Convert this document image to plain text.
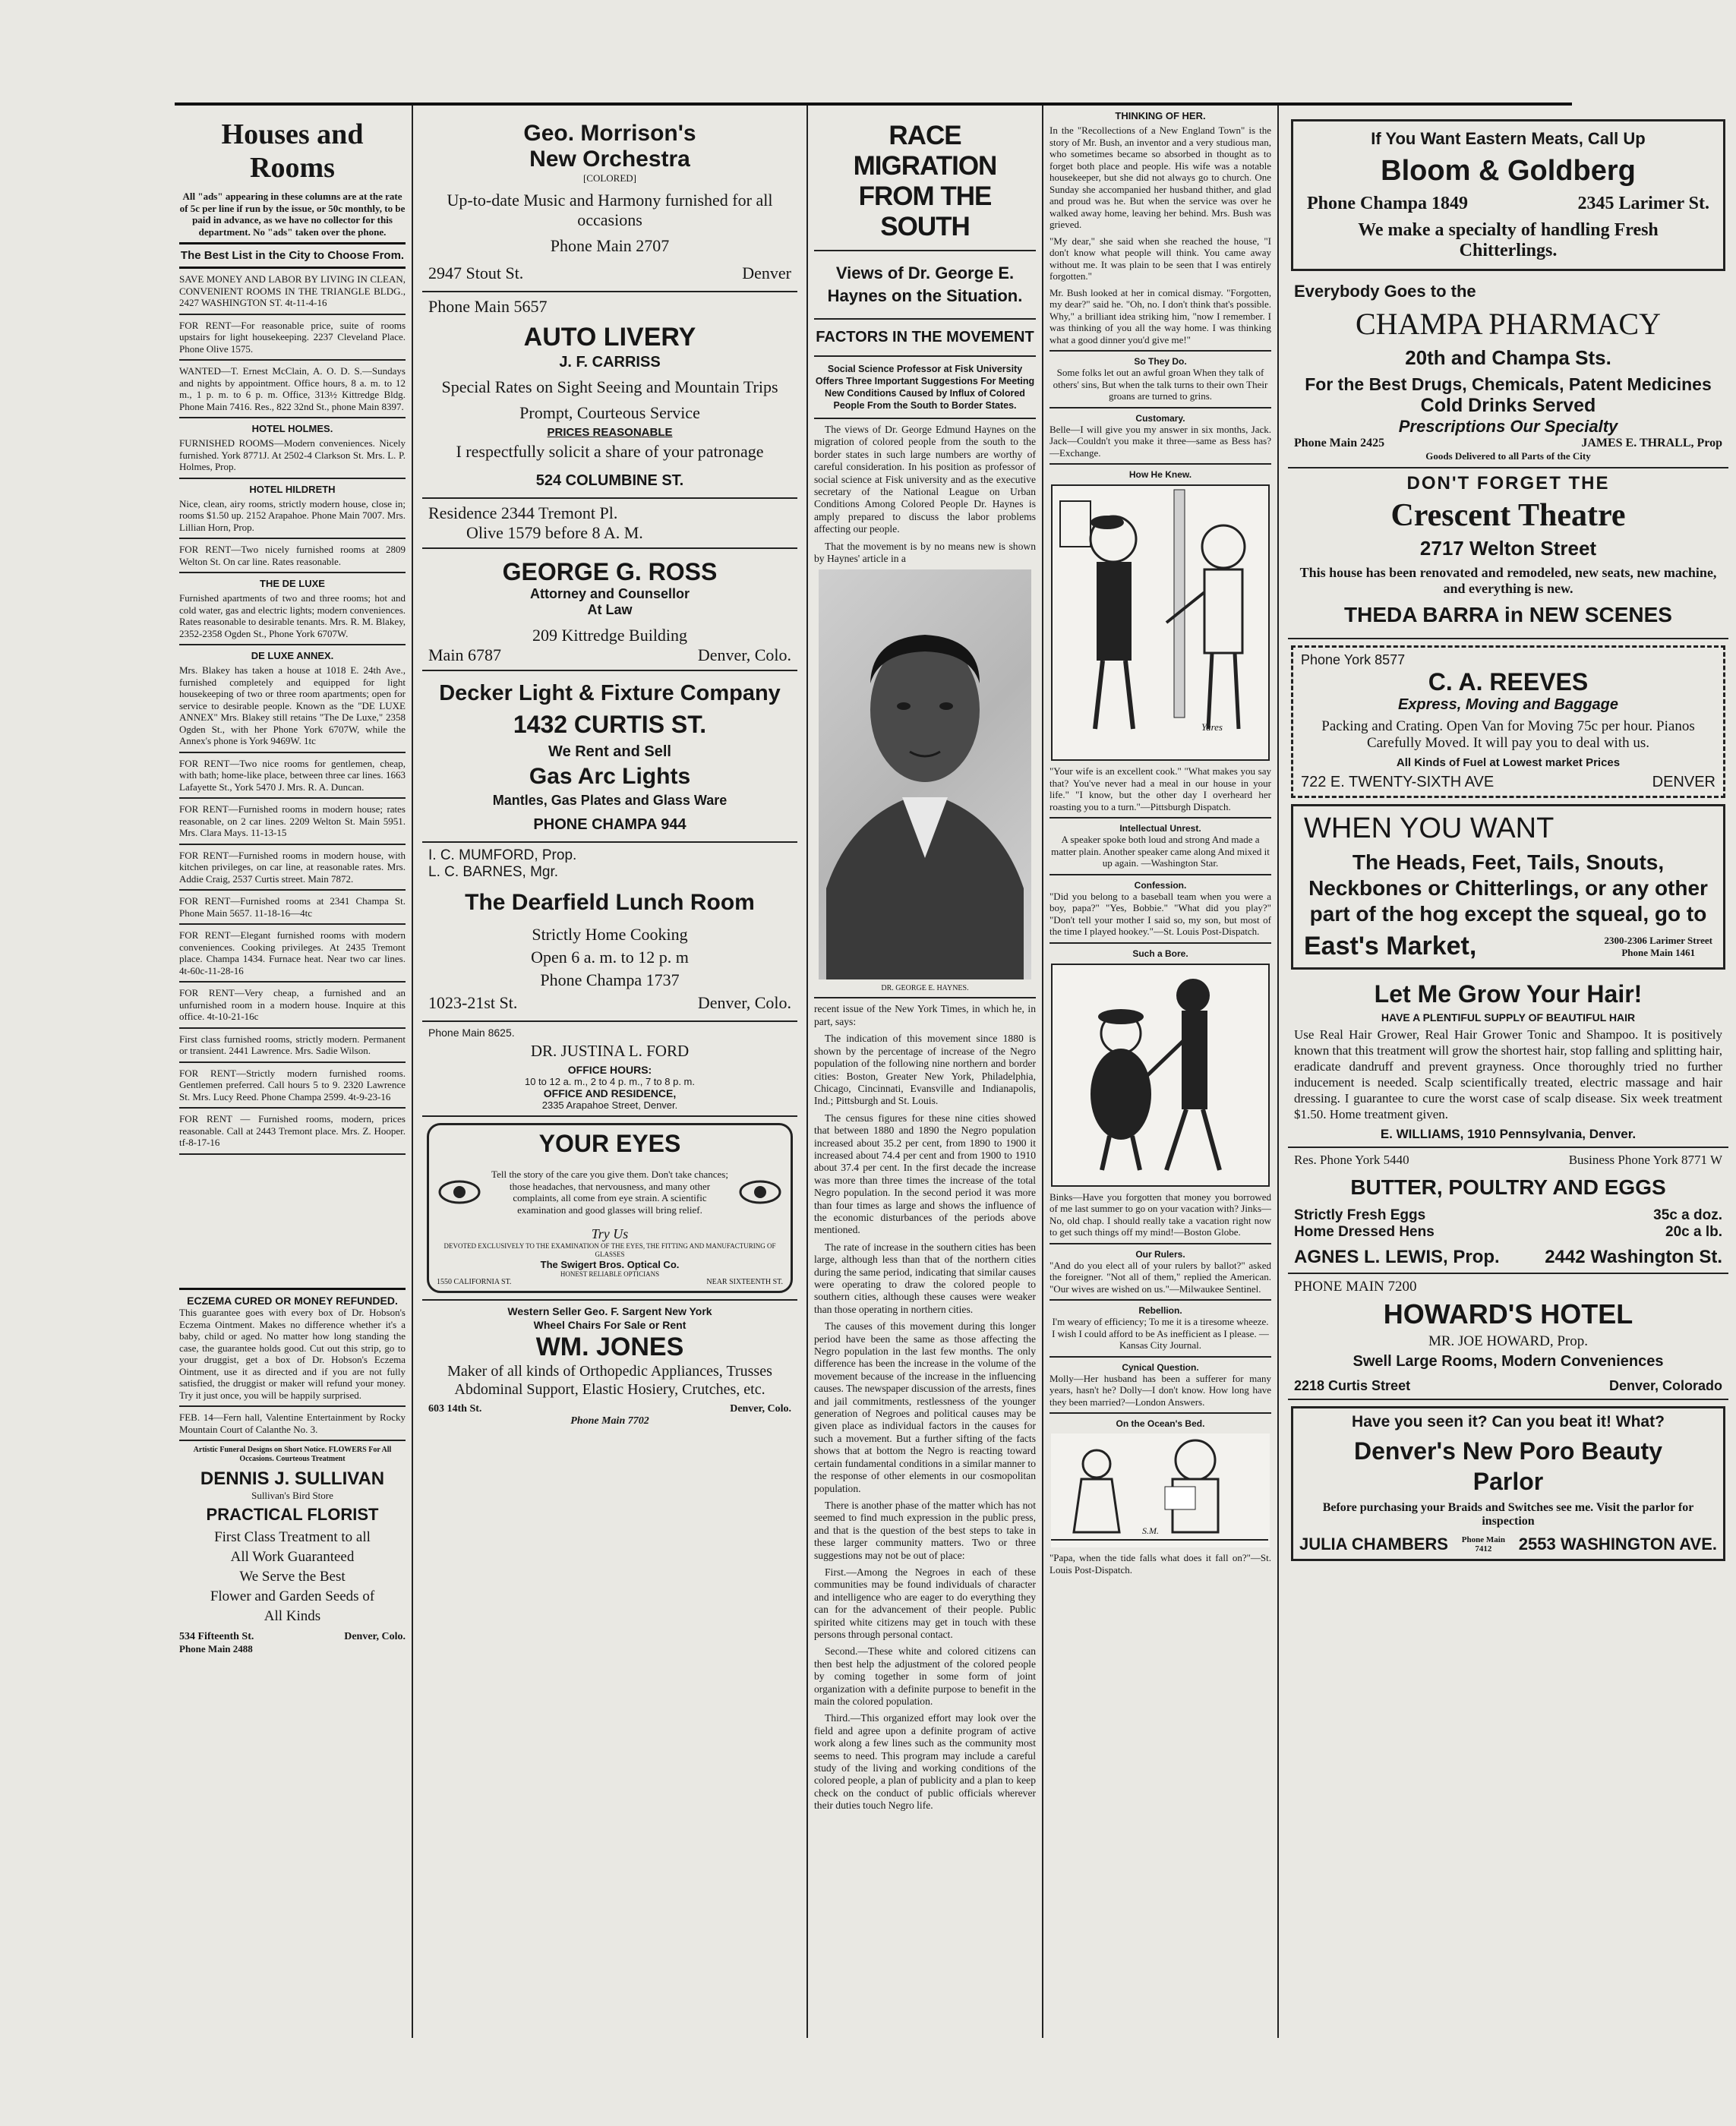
Houses and Rooms

All "ads" appearing in these columns are at the rate of 5c per line if run by the issue, or 50c monthly, to be paid in advance, as we have no collector for this department. No "ads" taken over the phone.

The Best List in the City to Choose From.

SAVE MONEY AND LABOR BY LIVING IN CLEAN, CONVENIENT ROOMS IN THE TRIANGLE BLDG., 2427 WASHINGTON ST. 4t-11-4-16

FOR RENT—For reasonable price, suite of rooms upstairs for light housekeeping. 2237 Cleveland Place. Phone Olive 1575.

WANTED—T. Ernest McClain, A. O. D. S.—Sundays and nights by appointment. Office hours, 8 a. m. to 12 m., 1 p. m. to 6 p. m. Office, 313½ Kittredge Bldg. Phone Main 7416. Res., 822 32nd St., phone Main 8397.

HOTEL HOLMES.

FURNISHED ROOMS—Modern conveniences. Nicely furnished. York 8771J. At 2502-4 Clarkson St. Mrs. L. P. Holmes, Prop.

HOTEL HILDRETH

Nice, clean, airy rooms, strictly modern house, close in; rooms $1.50 up. 2152 Arapahoe. Phone Main 7007. Mrs. Lillian Horn, Prop.

FOR RENT—Two nicely furnished rooms at 2809 Welton St. On car line. Rates reasonable.

THE DE LUXE

Furnished apartments of two and three rooms; hot and cold water, gas and electric lights; modern conveniences. Rates reasonable to desirable tenants. Mrs. R. M. Blakey, 2352-2358 Ogden St., Phone York 6707W.

DE LUXE ANNEX.

Mrs. Blakey has taken a house at 1018 E. 24th Ave., furnished completely and equipped for light housekeeping of two or three room apartments; open for service to desirable people. Known as the "DE LUXE ANNEX" Mrs. Blakey still retains "The De Luxe," 2358 Ogden St., with her Phone York 6707W, while the Annex's phone is York 9469W. 1tc

FOR RENT—Two nice rooms for gentlemen, cheap, with bath; home-like place, between three car lines. 1663 Lafayette St., York 5470 J. Mrs. R. A. Duncan.

FOR RENT—Furnished rooms in modern house; rates reasonable, on 2 car lines. 2209 Welton St. Main 5951. Mrs. Clara Mays. 11-13-15

FOR RENT—Furnished rooms in modern house, with kitchen privileges, on car line, at reasonable rates. Mrs. Addie Craig, 2537 Curtis street. Main 7872.

FOR RENT—Furnished rooms at 2341 Champa St. Phone Main 5657. 11-18-16—4tc

FOR RENT—Elegant furnished rooms with modern conveniences. Cooking privileges. At 2435 Tremont place. Champa 1434. Furnace heat. Near two car lines. 4t-60c-11-28-16

FOR RENT—Very cheap, a furnished and an unfurnished room in a modern house. Inquire at this office. 4t-10-21-16c

First class furnished rooms, strictly modern. Permanent or transient. 2441 Lawrence. Mrs. Sadie Wilson.

FOR RENT—Strictly modern furnished rooms. Gentlemen preferred. Call hours 5 to 9. 2320 Lawrence St. Mrs. Lucy Reed. Phone Champa 2599. 4t-9-23-16

FOR RENT — Furnished rooms, modern, prices reasonable. Call at 2443 Tremont place. Mrs. Z. Hooper. tf-8-17-16

ECZEMA CURED OR MONEY REFUNDED.

This guarantee goes with every box of Dr. Hobson's Eczema Ointment. Makes no difference whether it's a baby, child or aged. No matter how long standing the case, the guarantee holds good. Cut out this strip, go to your druggist, get a box of Dr. Hobson's Eczema Ointment, use it as directed and if you are not fully satisfied, the druggist or maker will refund your money. Try it just once, you will be happily surprised.

FEB. 14—Fern hall, Valentine Entertainment by Rocky Mountain Court of Calanthe No. 3.

Artistic Funeral Designs on Short Notice. FLOWERS For All Occasions. Courteous Treatment

DENNIS J. SULLIVAN
Sullivan's Bird Store
PRACTICAL FLORIST
First Class Treatment to all
All Work Guaranteed
We Serve the Best
Flower and Garden Seeds of
All Kinds
534 Fifteenth St.	Denver, Colo.
Phone Main 2488
Geo. Morrison's
New Orchestra
[COLORED]
Up-to-date Music and Harmony furnished for all occasions
Phone Main 2707
2947 Stout St.	Denver
Phone Main 5657
AUTO LIVERY
J. F. CARRISS
Special Rates on Sight Seeing and Mountain Trips
Prompt, Courteous Service
PRICES REASONABLE
I respectfully solicit a share of your patronage
524 COLUMBINE ST.
Residence 2344 Tremont Pl.
Olive 1579 before 8 A. M.
GEORGE G. ROSS
Attorney and Counsellor
At Law
209 Kittredge Building
Main 6787	Denver, Colo.
Decker Light & Fixture Company
1432 CURTIS ST.
We Rent and Sell
Gas Arc Lights
Mantles, Gas Plates and Glass Ware
PHONE CHAMPA 944
I. C. MUMFORD, Prop.
L. C. BARNES, Mgr.
The Dearfield Lunch Room
Strictly Home Cooking
Open 6 a. m. to 12 p. m
Phone Champa 1737
1023-21st St.	Denver, Colo.
Phone Main 8625.
DR. JUSTINA L. FORD
OFFICE HOURS:
10 to 12 a. m., 2 to 4 p. m., 7 to 8 p. m.
OFFICE AND RESIDENCE,
2335 Arapahoe Street, Denver.
YOUR EYES
Tell the story of the care you give them. Don't take chances; those headaches, that nervousness, and many other complaints, all come from eye strain. A scientific examination and good glasses will bring relief.
Try Us
DEVOTED EXCLUSIVELY TO THE EXAMINATION OF THE EYES, THE FITTING AND MANUFACTURING OF GLASSES
The Swigert Bros. Optical Co.
HONEST RELIABLE OPTICIANS
1550 CALIFORNIA ST.	NEAR SIXTEENTH ST.
Western Seller Geo. F. Sargent New York
Wheel Chairs For Sale or Rent
WM. JONES
Maker of all kinds of Orthopedic Appliances, Trusses Abdominal Support, Elastic Hosiery, Crutches, etc.
603 14th St.	Denver, Colo.
Phone Main 7702
RACE MIGRATION
FROM THE SOUTH
Views of Dr. George E. Haynes on the Situation.
FACTORS IN THE MOVEMENT
Social Science Professor at Fisk University Offers Three Important Suggestions For Meeting New Conditions Caused by Influx of Colored People From the South to Border States.

The views of Dr. George Edmund Haynes on the migration of colored people from the south to the border states in such large numbers are worthy of careful consideration. In his position as professor of social science at Fisk university and as the executive secretary of the National League on Urban Conditions Among Colored People Dr. Haynes is amply prepared to discuss the labor problems affecting our people.

That the movement is by no means new is shown by Haynes' article in a

DR. GEORGE E. HAYNES.

recent issue of the New York Times, in which he, in part, says:

The indication of this movement since 1880 is shown by the percentage of increase of the Negro population of the following nine northern and border cities: Boston, Greater New York, Philadelphia, Chicago, Cincinnati, Evansville and Indianapolis, Ind.; Pittsburgh and St. Louis.

The census figures for these nine cities showed that between 1880 and 1890 the Negro population increased about 35.2 per cent, from 1890 to 1900 it increased about 74.4 per cent and from 1900 to 1910 about 37.4 per cent. In the first decade the increase was more than three times the increase of the total Negro population. In the second period it was more than four times as large and shows the influence of the economic disturbances of the periods above mentioned.

The rate of increase in the southern cities has been large, although less than that of the northern cities during the same period, indicating that similar causes were operating to draw the colored people to southern cities, although these causes were weaker than those operating in northern cities.

The causes of this movement during this longer period have been the same as those affecting the Negro population in the last few months. The only difference has been the increase in the volume of the movement because of the increase in the influencing causes. The newspaper discussion of the arrests, fines and jail commitments, restlessness of the younger generation of Negroes and political causes may be given place as individual factors in the causes for such a movement. But a further sifting of the facts shows that at bottom the Negro is reacting toward certain fundamental conditions in a similar manner to the response of other elements in our cosmopolitan population.

There is another phase of the matter which has not seemed to find much expression in the public press, and that is the question of the best steps to take in these larger community matters. Two or three suggestions may not be out of place:

First.—Among the Negroes in each of these communities may be found individuals of character and intelligence who are eager to do everything they can for the advancement of their people. Public spirited white citizens may get in touch with these persons through personal contact.

Second.—These white and colored citizens can then best help the adjustment of the colored people by coming together in some form of joint organization with a definite purpose to benefit in the main the colored population.

Third.—This organized effort may look over the field and agree upon a definite program of active work along a few lines such as the community most seems to need. This program may include a careful study of the living and working conditions of the colored people, a plan of publicity and a plan to keep check on the conduct of public officials wherever their duties touch Negro life.

THINKING OF HER.

In the "Recollections of a New England Town" is the story of Mr. Bush, an inventor and a very studious man, who sometimes became so absorbed in thought as to forget both place and people. His wife was a notable housekeeper, but she did not always go to church. One Sunday she accompanied her husband thither, and glad and proud was he. But when the service was over he walked away home, leaving her behind. Mrs. Bush was grieved.

"My dear," she said when she reached the house, "I don't know what people will think. You came away without me. It was plain to be seen that I was entirely forgotten."

Mr. Bush looked at her in comical dismay. "Forgotten, my dear?" said he. "Oh, no. I don't think that's possible. Why," a brilliant idea striking him, "now I remember. I was thinking of you all the way home. I was thinking what a good dinner you'd give me!"

So They Do.

Some folks let out an awful groan When they talk of others' sins, But when the talk turns to their own Their groans are turned to grins.

Customary.

Belle—I will give you my answer in six months, Jack. Jack—Couldn't you make it three—same as Bess has?—Exchange.

How He Knew.
Yares

"Your wife is an excellent cook." "What makes you say that? You've never had a meal in our house in your life." "I know, but the other day I overheard her roasting you to a turn."—Pittsburgh Dispatch.

Intellectual Unrest.

A speaker spoke both loud and strong And made a matter plain. Another speaker came along And mixed it up again. —Washington Star.

Confession.

"Did you belong to a baseball team when you were a boy, papa?" "Yes, Bobbie." "What did you play?" "Don't tell your mother I said so, my son, but most of the time I played hookey."—St. Louis Post-Dispatch.

Such a Bore.

Binks—Have you forgotten that money you borrowed of me last summer to go on your vacation with? Jinks—No, old chap. I should really take a vacation right now to get such things off my mind!—Boston Globe.

Our Rulers.

"And do you elect all of your rulers by ballot?" asked the foreigner. "Not all of them," replied the American. "Our wives are wished on us."—Milwaukee Sentinel.

Rebellion.

I'm weary of efficiency; To me it is a tiresome wheeze. I wish I could afford to be As inefficient as I please. —Kansas City Journal.

Cynical Question.

Molly—Her husband has been a sufferer for many years, hasn't he? Dolly—I don't know. How long have they been married?—London Answers.

On the Ocean's Bed.
S.M.

"Papa, when the tide falls what does it fall on?"—St. Louis Post-Dispatch.

If You Want Eastern Meats, Call Up
Bloom & Goldberg
Phone Champa 1849	2345 Larimer St.
We make a specialty of handling Fresh Chitterlings.
Everybody Goes to the
CHAMPA PHARMACY
20th and Champa Sts.
For the Best Drugs, Chemicals, Patent Medicines
Cold Drinks Served
Prescriptions Our Specialty
Phone Main 2425	JAMES E. THRALL, Prop
Goods Delivered to all Parts of the City
DON'T FORGET THE
Crescent Theatre
2717 Welton Street
This house has been renovated and remodeled, new seats, new machine, and everything is new.
THEDA BARRA in NEW SCENES
Phone York 8577
C. A. REEVES
Express, Moving and Baggage
Packing and Crating. Open Van for Moving 75c per hour. Pianos Carefully Moved. It will pay you to deal with us.
All Kinds of Fuel at Lowest market Prices
722 E. TWENTY-SIXTH AVE	DENVER
WHEN YOU WANT
The Heads, Feet, Tails, Snouts, Neckbones or Chitterlings, or any other part of the hog except the squeal, go to
East's Market,	2300-2306 Larimer Street
Phone Main 1461
Let Me Grow Your Hair!
HAVE A PLENTIFUL SUPPLY OF BEAUTIFUL HAIR

Use Real Hair Grower, Real Hair Grower Tonic and Shampoo. It is positively known that this treatment will grow the shortest hair, stop falling and splitting hair, eradicate dandruff and prevent grayness. Once thoroughly tried no further inducement is needed. Scalp scientifically treated, electric massage and hair dressing. I guarantee to cure the worst case of scalp disease. Six week treatment $1.50. Home treatment given.

E. WILLIAMS, 1910 Pennsylvania, Denver.
Res. Phone York 5440	Business Phone York 8771 W
BUTTER, POULTRY AND EGGS
Strictly Fresh Eggs	35c a doz.
Home Dressed Hens	20c a lb.
AGNES L. LEWIS, Prop. 2442 Washington St.
PHONE MAIN 7200
HOWARD'S HOTEL
MR. JOE HOWARD, Prop.
Swell Large Rooms, Modern Conveniences
2218 Curtis Street	Denver, Colorado
Have you seen it? Can you beat it! What?
Denver's New Poro Beauty Parlor
Before purchasing your Braids and Switches see me. Visit the parlor for inspection
JULIA CHAMBERS Phone Main 7412	2553 WASHINGTON AVE.
